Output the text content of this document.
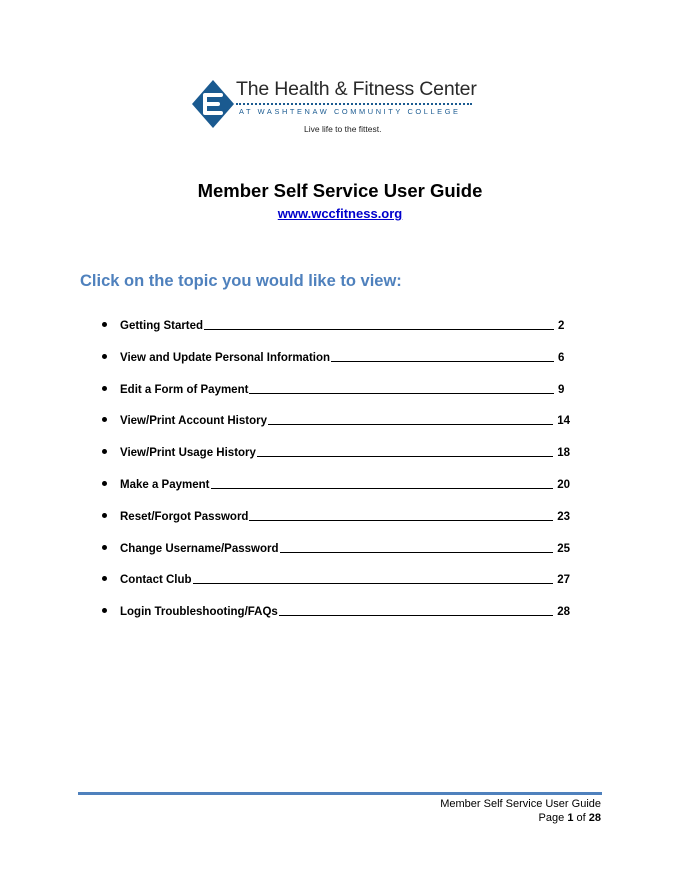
The Health & Fitness Center
AT WASHTENAW COMMUNITY COLLEGE
Live life to the fittest.
Member Self Service User Guide
www.wccfitness.org
Click on the topic you would like to view:
Getting Started	2
View and Update Personal Information	6
Edit a Form of Payment	9
View/Print Account History	14
View/Print Usage History	18
Make a Payment	20
Reset/Forgot Password	23
Change Username/Password	25
Contact Club	27
Login Troubleshooting/FAQs	28
Member Self Service User Guide
Page 1 of 28
